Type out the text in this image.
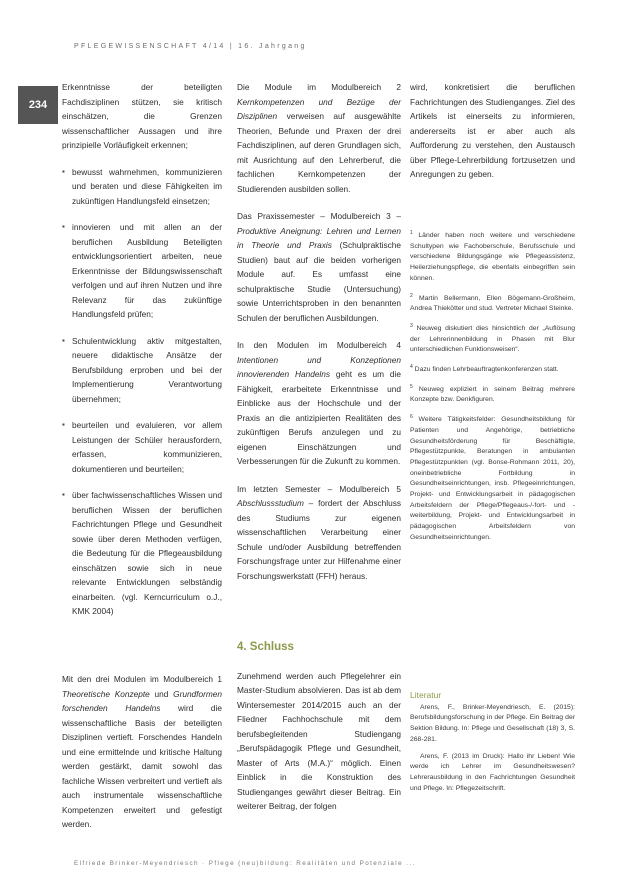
PFLEGEWISSENSCHAFT 4/14 | 16. Jahrgang
234

Erkenntnisse der beteiligten Fachdisziplinen stützen, sie kritisch einschätzen, die Grenzen wissenschaftlicher Aussagen und ihre prinzipielle Vorläufigkeit erkennen;

▪ bewusst wahrnehmen, kommunizieren und beraten und diese Fähigkeiten im zukünftigen Handlungsfeld einsetzen;

▪ innovieren und mit allen an der beruflichen Ausbildung Beteiligten entwicklungsorientiert arbeiten, neue Erkenntnisse der Bildungswissenschaft verfolgen und auf ihren Nutzen und ihre Relevanz für das zukünftige Handlungsfeld prüfen;

▪ Schulentwicklung aktiv mitgestalten, neuere didaktische Ansätze der Berufsbildung erproben und bei der Implementierung Verantwortung übernehmen;

▪ beurteilen und evaluieren, vor allem Leistungen der Schüler herausfordern, erfassen, kommunizieren, dokumentieren und beurteilen;

▪ über fachwissenschaftliches Wissen und beruflichen Wissen der beruflichen Fachrichtungen Pflege und Gesundheit sowie über deren Methoden verfügen, die Bedeutung für die Pflegeausbildung einschätzen sowie sich in neue relevante Entwicklungen selbständig einarbeiten. (vgl. Kerncurriculum o.J., KMK 2004)

Mit den drei Modulen im Modulbereich 1 Theoretische Konzepte und Grundformen forschenden Handelns wird die wissenschaftliche Basis der beteiligten Disziplinen vertieft. Forschendes Handeln und eine ermittelnde und kritische Haltung werden gestärkt, damit sowohl das fachliche Wissen verbreitert und vertieft als auch instrumentale wissenschaftliche Kompetenzen erweitert und gefestigt werden.

Die Module im Modulbereich 2 Kernkompetenzen und Bezüge der Disziplinen verweisen auf ausgewählte Theorien, Befunde und Praxen der drei Fachdisziplinen, auf deren Grundlagen sich, mit Ausrichtung auf den Lehrerberuf, die fachlichen Kernkompetenzen der Studierenden ausbilden sollen.

Das Praxissemester – Modulbereich 3 – Produktive Aneignung: Lehren und Lernen in Theorie und Praxis (Schulpraktische Studien) baut auf die beiden vorherigen Module auf. Es umfasst eine schulpraktische Studie (Untersuchung) sowie Unterrichtsproben in den benannten Schulen der beruflichen Ausbildungen.

In den Modulen im Modulbereich 4 Intentionen und Konzeptionen innovierenden Handelns geht es um die Fähigkeit, erarbeitete Erkenntnisse und Einblicke aus der Hochschule und der Praxis an die antizipierten Realitäten des zukünftigen Berufs anzulegen und zu eigenen Einschätzungen und Verbesserungen für die Zukunft zu kommen.

Im letzten Semester – Modulbereich 5 Abschlussstudium – fordert der Abschluss des Studiums zur eigenen wissenschaftlichen Verarbeitung einer Schule und/oder Ausbildung betreffenden Forschungsfrage unter zur Hilfenahme einer Forschungswerkstatt (FFH) heraus.

4. Schluss

Zunehmend werden auch Pflegelehrer ein Master-Studium absolvieren. Das ist ab dem Wintersemester 2014/2015 auch an der Fliedner Fachhochschule mit dem berufsbegleitenden Studiengang „Berufspädagogik Pflege und Gesundheit, Master of Arts (M.A.)“ möglich. Einen Einblick in die Konstruktion des Studienganges gewährt dieser Beitrag. Ein weiterer Beitrag, der folgen

wird, konkretisiert die beruflichen Fachrichtungen des Studienganges. Ziel des Artikels ist einerseits zu informieren, andererseits ist er aber auch als Aufforderung zu verstehen, den Austausch über Pflege-Lehrerbildung fortzusetzen und Anregungen zu geben.

$^1$ Länder haben noch weitere und verschiedene Schultypen wie Fachoberschule, Berufsschule und verschiedene Bildungsgänge wie Pflegeassistenz, Heilerziehungspflege, die ebenfalls einbegriffen sein können.

$^2$ Martin Bellermann, Ellen Bögemann-Großheim, Andrea Thiekötter und stud. Vertreter Michael Steinke.

$^3$ Neuweg diskutiert dies hinsichtlich der „Auflösung der Lehrerinnenbildung in Phasen mit Blur unterschiedlichen Funktionsweisen“.

$^4$ Dazu finden Lehrbeauftragtenkonferenzen statt.

$^5$ Neuweg expliziert in seinem Beitrag mehrere Konzepte bzw. Denkfiguren.

$^6$ Weitere Tätigkeitsfelder: Gesundheitsbildung für Patienten und Angehörige, betriebliche Gesundheitsförderung für Beschäftigte, Pflegestützpunkte, Beratungen in ambulanten Pflegestützpunkten (vgl. Bonse-Rohmann 2011, 20), oneinbetriebliche Fortbildung in Gesundheitseinrichtungen, insb. Pflegeeinrichtungen, Projekt- und Entwicklungsarbeit in pädagogischen Arbeitsfeldern der Pflege/Pflegeaus-/-fort- und -weiterbildung, Projekt- und Entwicklungsarbeit in pädagogischen Arbeitsfeldern von Gesundheitseinrichtungen.

Literatur

Arens, F., Brinker-Meyendriesch, E. (2015): Berufsbildungsforschung in der Pflege. Ein Beitrag der Sektion Bildung. In: Pflege und Gesellschaft (18) 3, S. 268-281.

Arens, F. (2013 im Druck): Hallo ihr Lieben! Wie werde ich Lehrer im Gesundheitswesen? Lehrerausbildung in den Fachrichtungen Gesundheit und Pflege. In: Pflegezeitschrift.

Elfriede Brinker-Meyendriesch · Pflege (neu)bildung: Realitäten und Potenziale ...
